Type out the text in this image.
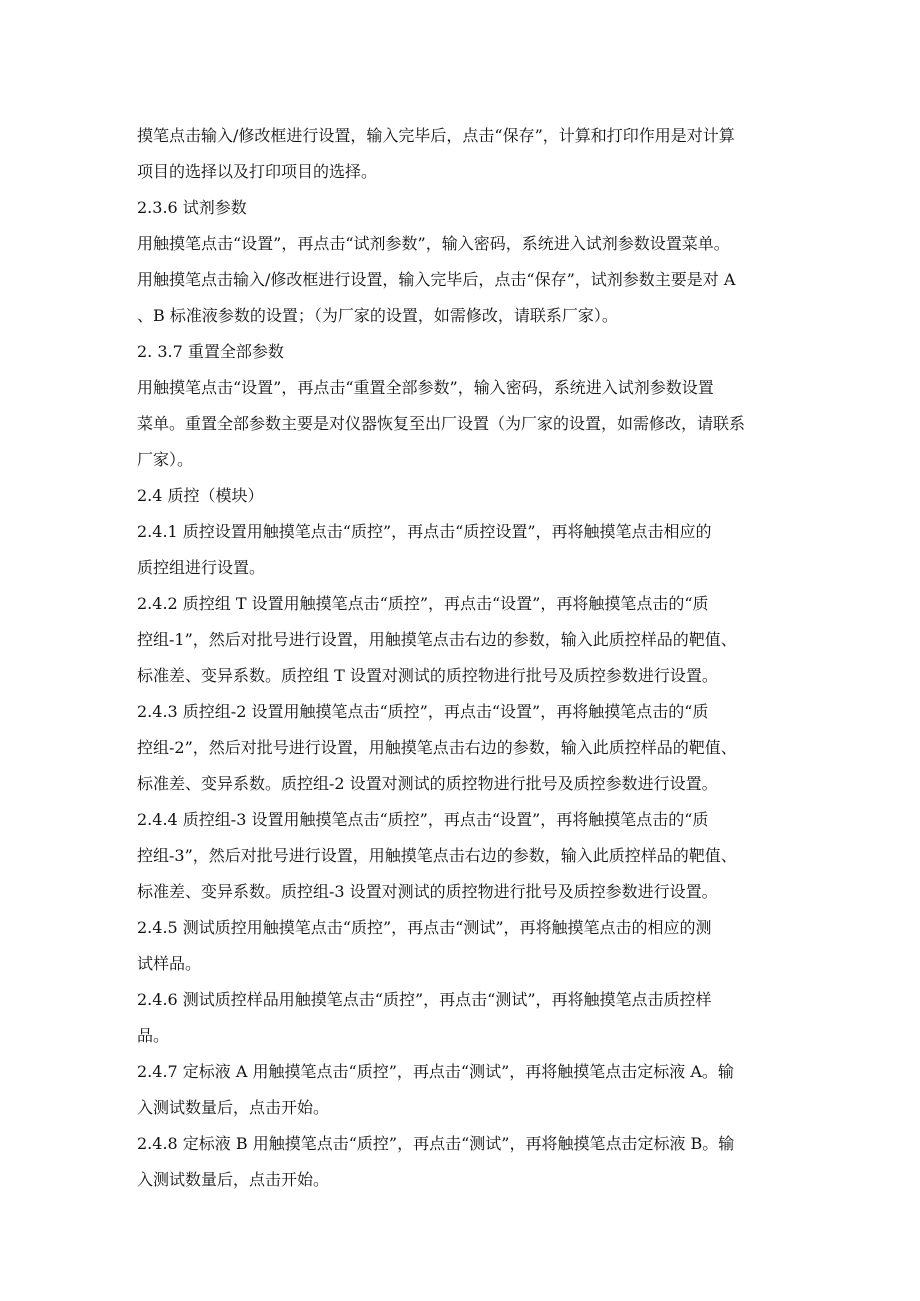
摸笔点击输入/修改框进行设置，输入完毕后，点击“保存”，计算和打印作用是对计算
项目的选择以及打印项目的选择。
2.3.6 试剂参数
用触摸笔点击“设置”，再点击“试剂参数”，输入密码，系统进入试剂参数设置菜单。
用触摸笔点击输入/修改框进行设置，输入完毕后，点击“保存”，试剂参数主要是对 A
、B 标准液参数的设置；（为厂家的设置，如需修改，请联系厂家）。
2. 3.7 重置全部参数
用触摸笔点击“设置”，再点击“重置全部参数”，输入密码，系统进入试剂参数设置
菜单。重置全部参数主要是对仪器恢复至出厂设置（为厂家的设置，如需修改，请联系
厂家）。
2.4 质控（模块）
2.4.1 质控设置用触摸笔点击“质控”，再点击“质控设置”，再将触摸笔点击相应的
质控组进行设置。
2.4.2 质控组 T 设置用触摸笔点击“质控”，再点击“设置”，再将触摸笔点击的“质
控组-1”，然后对批号进行设置，用触摸笔点击右边的参数，输入此质控样品的靶值、
标准差、变异系数。质控组 T 设置对测试的质控物进行批号及质控参数进行设置。
2.4.3 质控组-2 设置用触摸笔点击“质控”，再点击“设置”，再将触摸笔点击的“质
控组-2”，然后对批号进行设置，用触摸笔点击右边的参数，输入此质控样品的靶值、
标准差、变异系数。质控组-2 设置对测试的质控物进行批号及质控参数进行设置。
2.4.4 质控组-3 设置用触摸笔点击“质控”，再点击“设置”，再将触摸笔点击的“质
控组-3”，然后对批号进行设置，用触摸笔点击右边的参数，输入此质控样品的靶值、
标准差、变异系数。质控组-3 设置对测试的质控物进行批号及质控参数进行设置。
2.4.5 测试质控用触摸笔点击“质控”，再点击“测试”，再将触摸笔点击的相应的测
试样品。
2.4.6 测试质控样品用触摸笔点击“质控”，再点击“测试”，再将触摸笔点击质控样
品。
2.4.7 定标液 A 用触摸笔点击“质控”，再点击“测试”，再将触摸笔点击定标液 A。输
入测试数量后，点击开始。
2.4.8 定标液 B 用触摸笔点击“质控”，再点击“测试”，再将触摸笔点击定标液 B。输
入测试数量后，点击开始。
